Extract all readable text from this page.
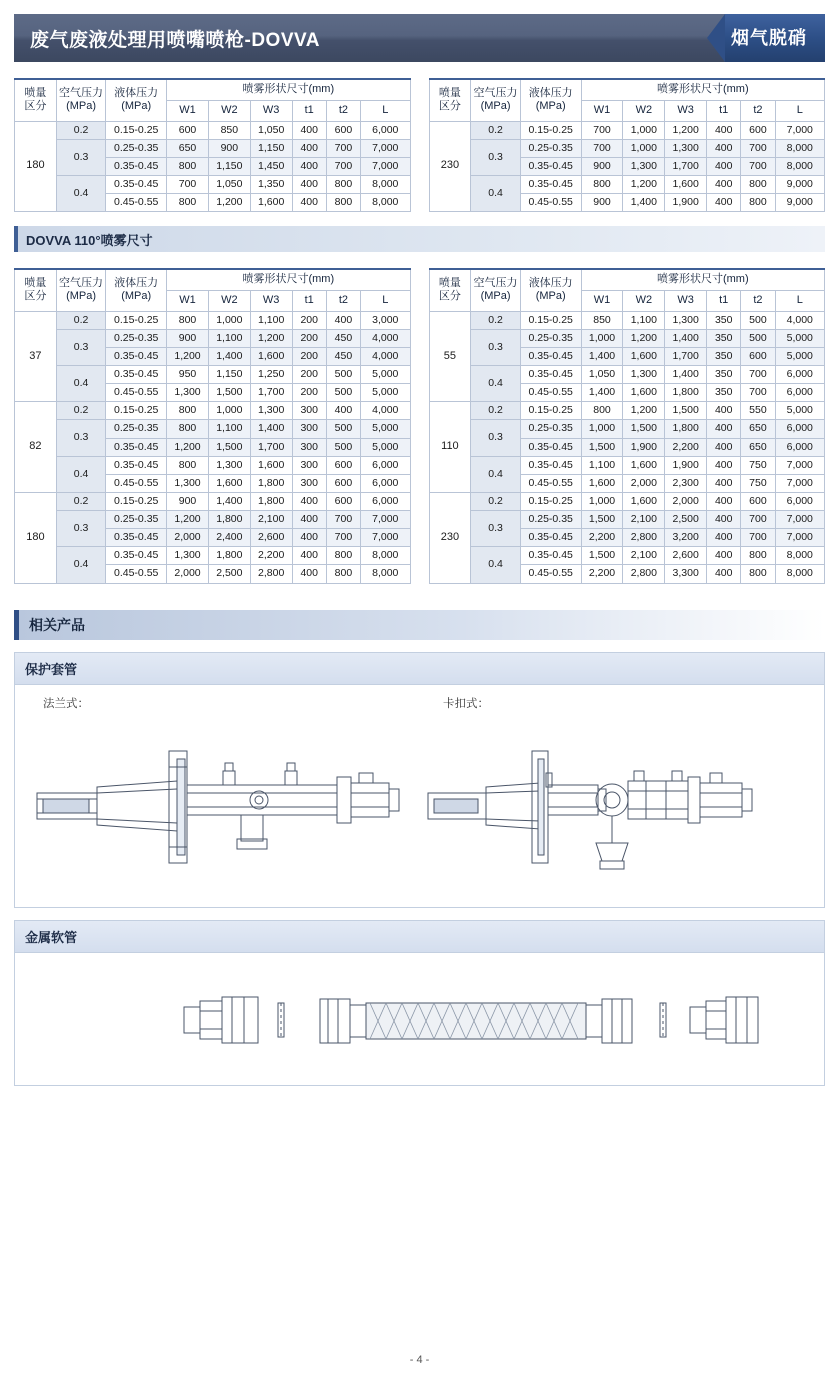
废气废液处理用喷嘴喷枪-DOVVA	烟气脱硝
喷量
区分

空气压力
(MPa)

液体压力
(MPa)
	喷雾形状尺寸(mm)
			W1	W2	W3	t1	t2	L
180	0.2	0.15-0.25	600	850	1,050	400	600	6,000
	0.3	0.25-0.35	650	900	1,150	400	700	7,000
		0.35-0.45	800	1,150	1,450	400	700	7,000
	0.4	0.35-0.45	700	1,050	1,350	400	800	8,000
		0.45-0.55	800	1,200	1,600	400	800	8,000
喷量
区分

空气压力
(MPa)

液体压力
(MPa)
	喷雾形状尺寸(mm)
			W1	W2	W3	t1	t2	L
230	0.2	0.15-0.25	700	1,000	1,200	400	600	7,000
	0.3	0.25-0.35	700	1,000	1,300	400	700	8,000
		0.35-0.45	900	1,300	1,700	400	700	8,000
	0.4	0.35-0.45	800	1,200	1,600	400	800	9,000
		0.45-0.55	900	1,400	1,900	400	800	9,000
DOVVA 110°喷雾尺寸
喷量
区分

空气压力
(MPa)

液体压力
(MPa)
	喷雾形状尺寸(mm)
			W1	W2	W3	t1	t2	L
37	0.2	0.15-0.25	800	1,000	1,100	200	400	3,000
	0.3	0.25-0.35	900	1,100	1,200	200	450	4,000
		0.35-0.45	1,200	1,400	1,600	200	450	4,000
	0.4	0.35-0.45	950	1,150	1,250	200	500	5,000
		0.45-0.55	1,300	1,500	1,700	200	500	5,000
82	0.2	0.15-0.25	800	1,000	1,300	300	400	4,000
	0.3	0.25-0.35	800	1,100	1,400	300	500	5,000
		0.35-0.45	1,200	1,500	1,700	300	500	5,000
	0.4	0.35-0.45	800	1,300	1,600	300	600	6,000
		0.45-0.55	1,300	1,600	1,800	300	600	6,000
180	0.2	0.15-0.25	900	1,400	1,800	400	600	6,000
	0.3	0.25-0.35	1,200	1,800	2,100	400	700	7,000
		0.35-0.45	2,000	2,400	2,600	400	700	7,000
	0.4	0.35-0.45	1,300	1,800	2,200	400	800	8,000
		0.45-0.55	2,000	2,500	2,800	400	800	8,000
喷量
区分

空气压力
(MPa)

液体压力
(MPa)
	喷雾形状尺寸(mm)
			W1	W2	W3	t1	t2	L
55	0.2	0.15-0.25	850	1,100	1,300	350	500	4,000
	0.3	0.25-0.35	1,000	1,200	1,400	350	500	5,000
		0.35-0.45	1,400	1,600	1,700	350	600	5,000
	0.4	0.35-0.45	1,050	1,300	1,400	350	700	6,000
		0.45-0.55	1,400	1,600	1,800	350	700	6,000
110	0.2	0.15-0.25	800	1,200	1,500	400	550	5,000
	0.3	0.25-0.35	1,000	1,500	1,800	400	650	6,000
		0.35-0.45	1,500	1,900	2,200	400	650	6,000
	0.4	0.35-0.45	1,100	1,600	1,900	400	750	7,000
		0.45-0.55	1,600	2,000	2,300	400	750	7,000
230	0.2	0.15-0.25	1,000	1,600	2,000	400	600	6,000
	0.3	0.25-0.35	1,500	2,100	2,500	400	700	7,000
		0.35-0.45	2,200	2,800	3,200	400	700	7,000
	0.4	0.35-0.45	1,500	2,100	2,600	400	800	8,000
		0.45-0.55	2,200	2,800	3,300	400	800	8,000
相关产品
保护套管
法兰式：	卡扣式：
金属软管
- 4 -
